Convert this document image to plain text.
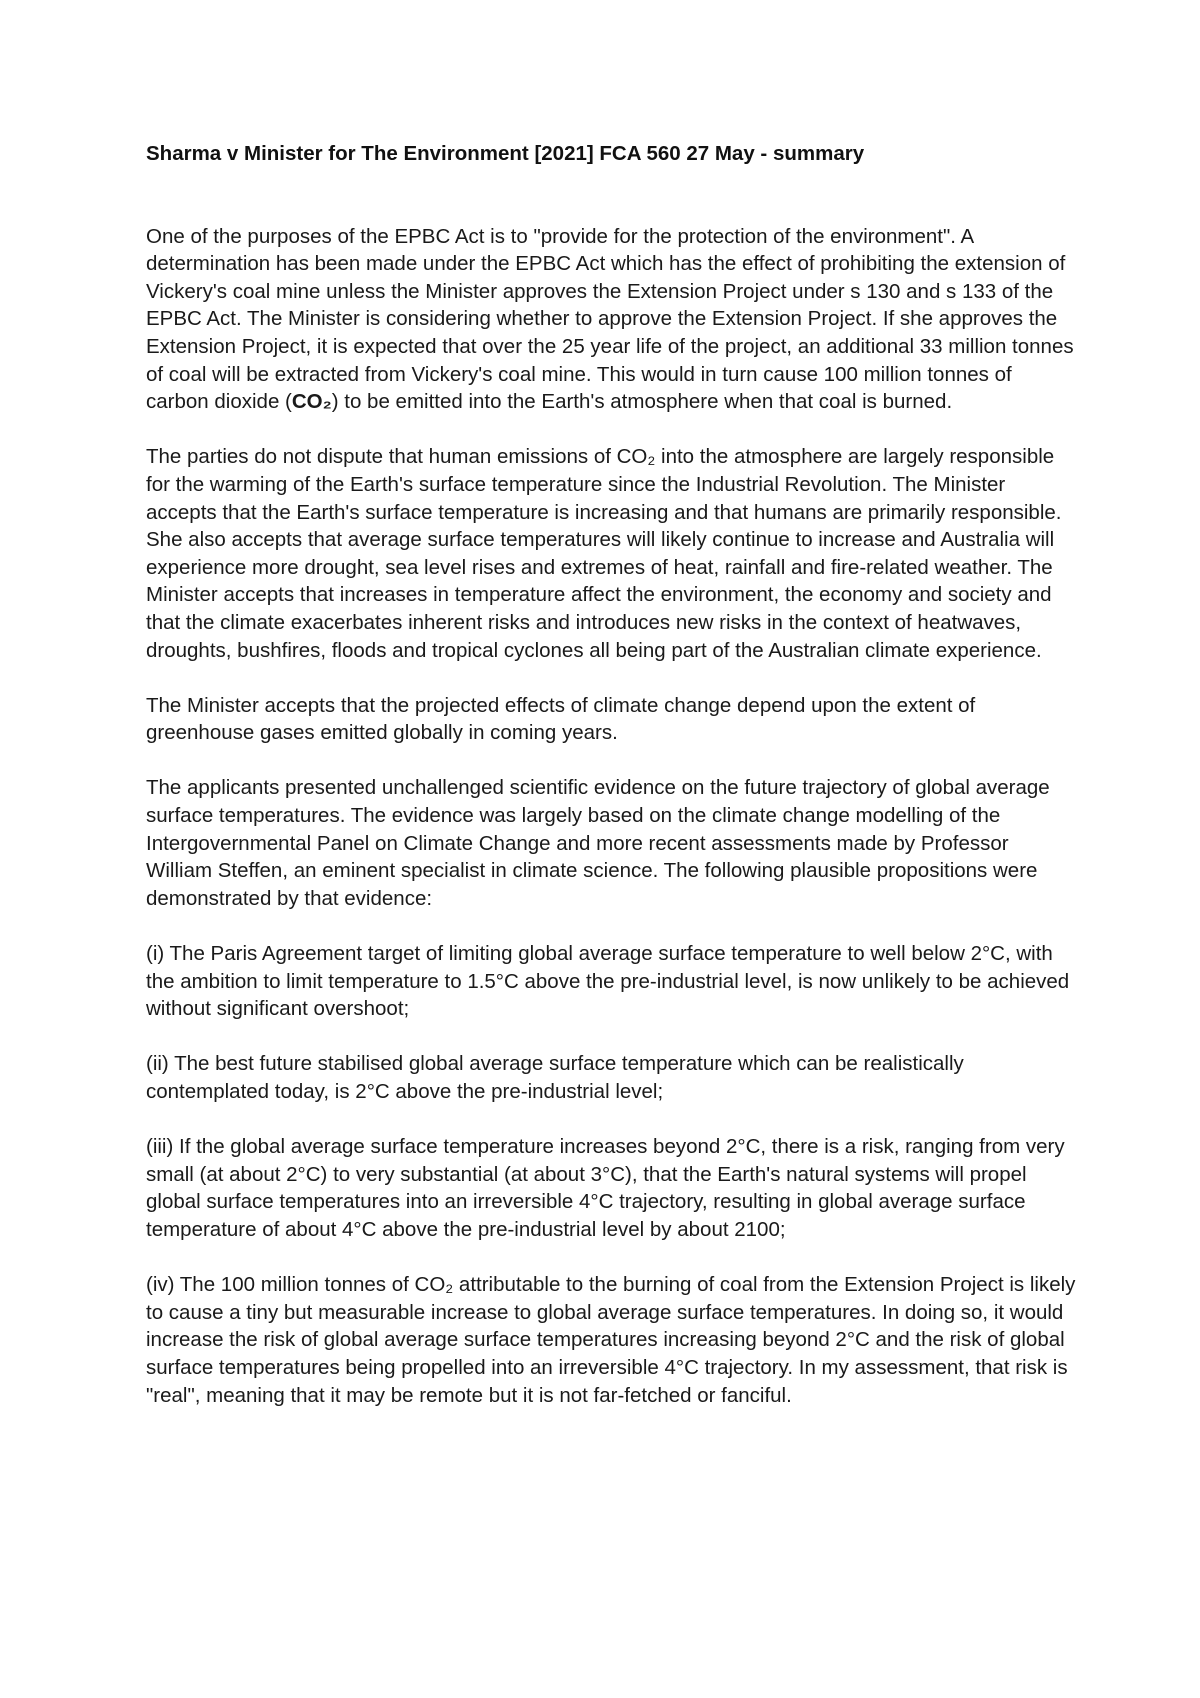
Sharma v Minister for The Environment [2021] FCA 560 27 May - summary

One of the purposes of the EPBC Act is to "provide for the protection of the environment". A determination has been made under the EPBC Act which has the effect of prohibiting the extension of Vickery's coal mine unless the Minister approves the Extension Project under s 130 and s 133 of the EPBC Act. The Minister is considering whether to approve the Extension Project. If she approves the Extension Project, it is expected that over the 25 year life of the project, an additional 33 million tonnes of coal will be extracted from Vickery's coal mine. This would in turn cause 100 million tonnes of carbon dioxide (CO₂) to be emitted into the Earth's atmosphere when that coal is burned.

The parties do not dispute that human emissions of CO₂ into the atmosphere are largely responsible for the warming of the Earth's surface temperature since the Industrial Revolution. The Minister accepts that the Earth's surface temperature is increasing and that humans are primarily responsible. She also accepts that average surface temperatures will likely continue to increase and Australia will experience more drought, sea level rises and extremes of heat, rainfall and fire-related weather. The Minister accepts that increases in temperature affect the environment, the economy and society and that the climate exacerbates inherent risks and introduces new risks in the context of heatwaves, droughts, bushfires, floods and tropical cyclones all being part of the Australian climate experience.

The Minister accepts that the projected effects of climate change depend upon the extent of greenhouse gases emitted globally in coming years.

The applicants presented unchallenged scientific evidence on the future trajectory of global average surface temperatures. The evidence was largely based on the climate change modelling of the Intergovernmental Panel on Climate Change and more recent assessments made by Professor William Steffen, an eminent specialist in climate science. The following plausible propositions were demonstrated by that evidence:

(i) The Paris Agreement target of limiting global average surface temperature to well below 2°C, with the ambition to limit temperature to 1.5°C above the pre-industrial level, is now unlikely to be achieved without significant overshoot;

(ii) The best future stabilised global average surface temperature which can be realistically contemplated today, is 2°C above the pre-industrial level;

(iii) If the global average surface temperature increases beyond 2°C, there is a risk, ranging from very small (at about 2°C) to very substantial (at about 3°C), that the Earth's natural systems will propel global surface temperatures into an irreversible 4°C trajectory, resulting in global average surface temperature of about 4°C above the pre-industrial level by about 2100;

(iv) The 100 million tonnes of CO₂ attributable to the burning of coal from the Extension Project is likely to cause a tiny but measurable increase to global average surface temperatures. In doing so, it would increase the risk of global average surface temperatures increasing beyond 2°C and the risk of global surface temperatures being propelled into an irreversible 4°C trajectory. In my assessment, that risk is "real", meaning that it may be remote but it is not far-fetched or fanciful.
